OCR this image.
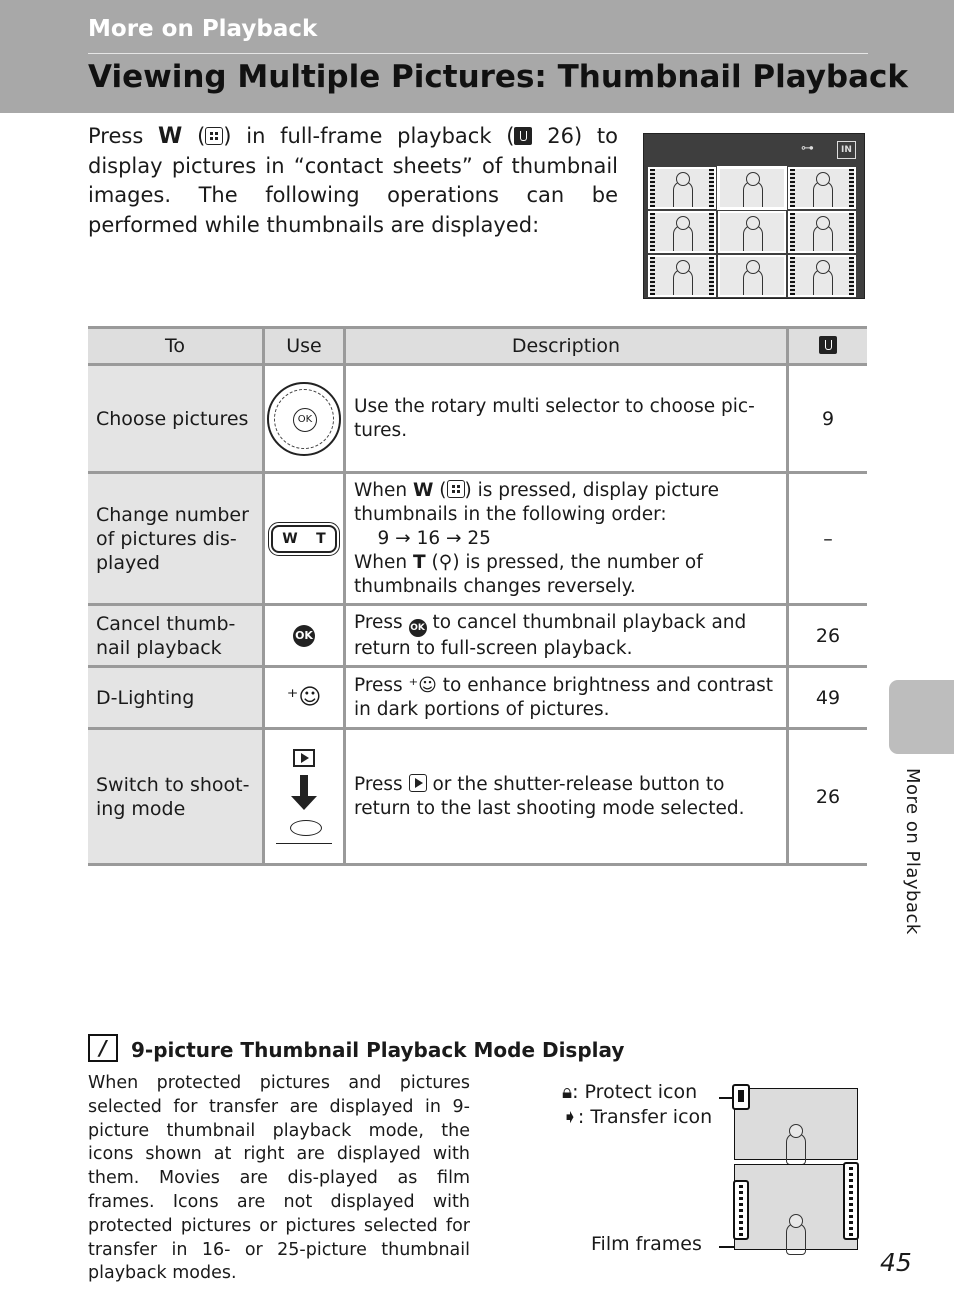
More on Playback
Viewing Multiple Pictures: Thumbnail Playback
Press W ( ) in full-frame playback ( 26) to display pictures in “contact sheets” of thumbnail images. The following operations can be performed while thumbnails are displayed:
⊶	IN
To	Use	Description	
Choose pictures	OK	Use the rotary multi selector to choose pic-tures.	9
Change number of pictures dis-played	W T	When W ( ) is pressed, display picture thumbnails in the following order:
9 → 16 → 25
When T (⚲) is pressed, the number of thumbnails changes reversely.	–
Cancel thumb-nail playback	OK	Press OK to cancel thumbnail playback and return to full-screen playback.	26
D-Lighting	⁺☺	Press ⁺☺ to enhance brightness and contrast in dark portions of pictures.	49
Switch to shoot-ing mode		Press or the shutter-release button to return to the last shooting mode selected.	26	More on Playback
/	9-picture Thumbnail Playback Mode Display
When protected pictures and pictures selected for transfer are displayed in 9-picture thumbnail playback mode, the icons shown at right are displayed with them. Movies are dis-played as film frames. Icons are not displayed with protected pictures or pictures selected for transfer in 16- or 25-picture thumbnail playback modes.
🔒︎: Protect icon
➧: Transfer icon
Film frames
45
